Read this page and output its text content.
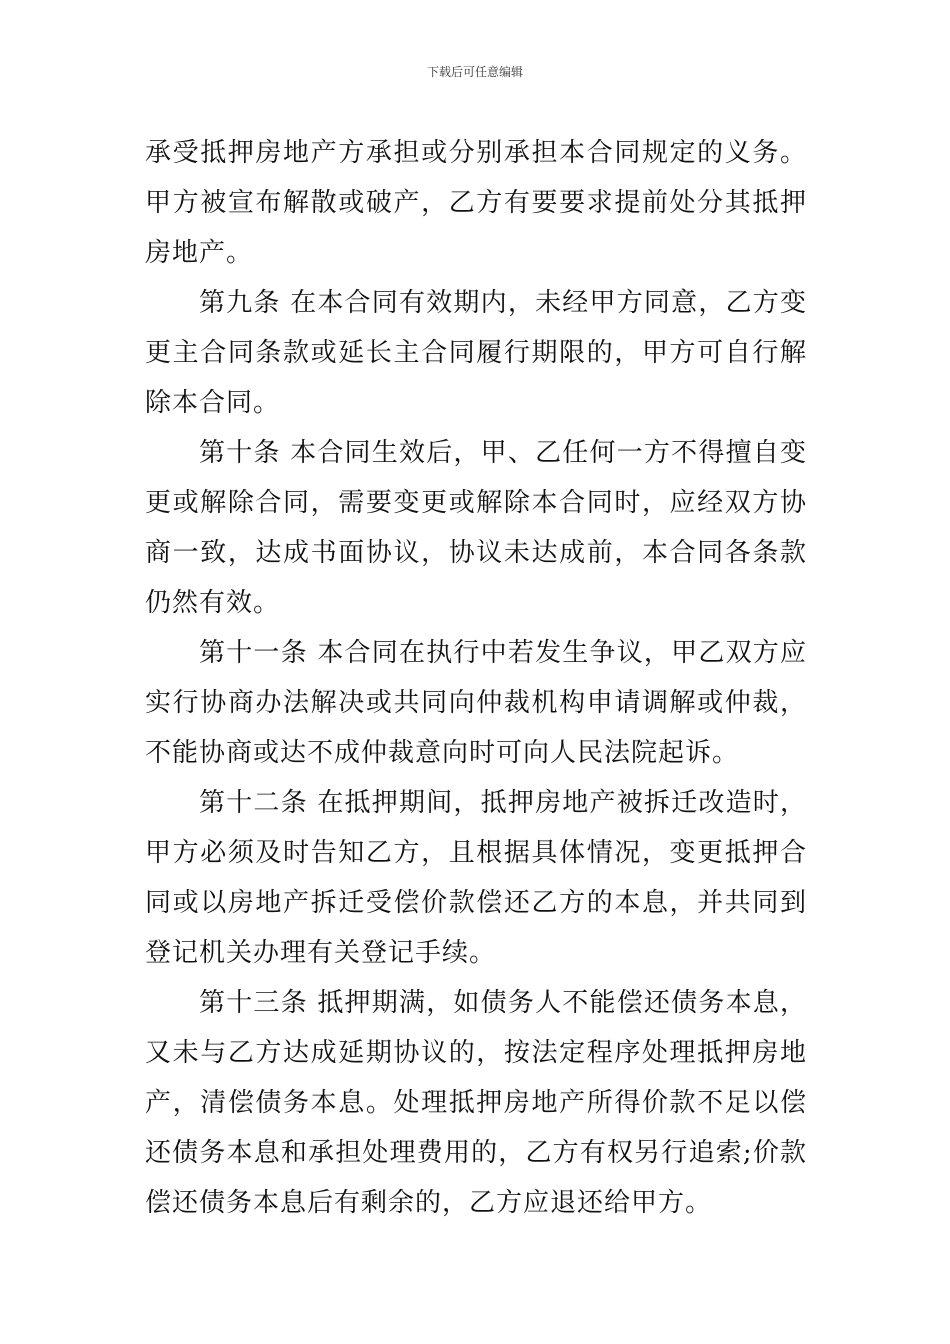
下载后可任意编辑

承受抵押房地产方承担或分别承担本合同规定的义务。甲方被宣布解散或破产，乙方有要要求提前处分其抵押房地产。

第九条 在本合同有效期内，未经甲方同意，乙方变更主合同条款或延长主合同履行期限的，甲方可自行解除本合同。

第十条 本合同生效后，甲、乙任何一方不得擅自变更或解除合同，需要变更或解除本合同时，应经双方协商一致，达成书面协议，协议未达成前，本合同各条款仍然有效。

第十一条 本合同在执行中若发生争议，甲乙双方应实行协商办法解决或共同向仲裁机构申请调解或仲裁，不能协商或达不成仲裁意向时可向人民法院起诉。

第十二条 在抵押期间，抵押房地产被拆迁改造时，甲方必须及时告知乙方，且根据具体情况，变更抵押合同或以房地产拆迁受偿价款偿还乙方的本息，并共同到登记机关办理有关登记手续。

第十三条 抵押期满，如债务人不能偿还债务本息，又未与乙方达成延期协议的，按法定程序处理抵押房地产，清偿债务本息。处理抵押房地产所得价款不足以偿还债务本息和承担处理费用的，乙方有权另行追索;价款偿还债务本息后有剩余的，乙方应退还给甲方。
